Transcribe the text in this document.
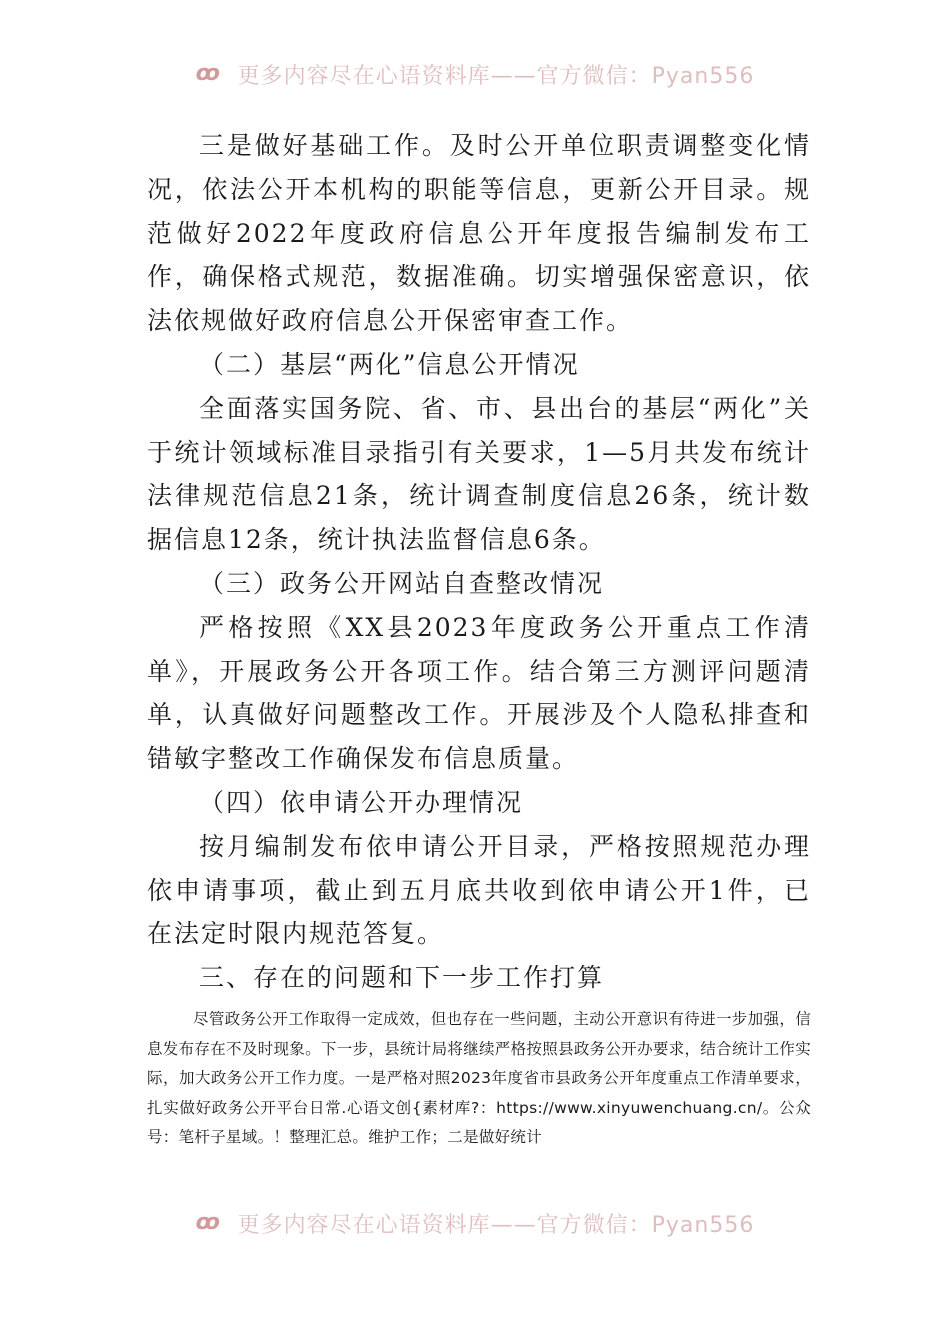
ꝏ 更多内容尽在心语资料库——官方微信：Pyan556

三是做好基础工作。及时公开单位职责调整变化情况，依法公开本机构的职能等信息，更新公开目录。规范做好2022年度政府信息公开年度报告编制发布工作，确保格式规范，数据准确。切实增强保密意识，依法依规做好政府信息公开保密审查工作。

（二）基层“两化”信息公开情况

全面落实国务院、省、市、县出台的基层“两化”关于统计领域标准目录指引有关要求，1—5月共发布统计法律规范信息21条，统计调查制度信息26条，统计数据信息12条，统计执法监督信息6条。

（三）政务公开网站自查整改情况

严格按照《XX县2023年度政务公开重点工作清单》，开展政务公开各项工作。结合第三方测评问题清单，认真做好问题整改工作。开展涉及个人隐私排查和错敏字整改工作确保发布信息质量。

（四）依申请公开办理情况

按月编制发布依申请公开目录，严格按照规范办理依申请事项，截止到五月底共收到依申请公开1件，已在法定时限内规范答复。

三、存在的问题和下一步工作打算

尽管政务公开工作取得一定成效，但也存在一些问题，主动公开意识有待进一步加强，信息发布存在不及时现象。下一步，县统计局将继续严格按照县政务公开办要求，结合统计工作实际，加大政务公开工作力度。一是严格对照2023年度省市县政务公开年度重点工作清单要求，扎实做好政务公开平台日常.心语文创{素材库?：https://www.xinyuwenchuang.cn/。公众号：笔杆子星域。！整理汇总。维护工作；二是做好统计

ꝏ 更多内容尽在心语资料库——官方微信：Pyan556
